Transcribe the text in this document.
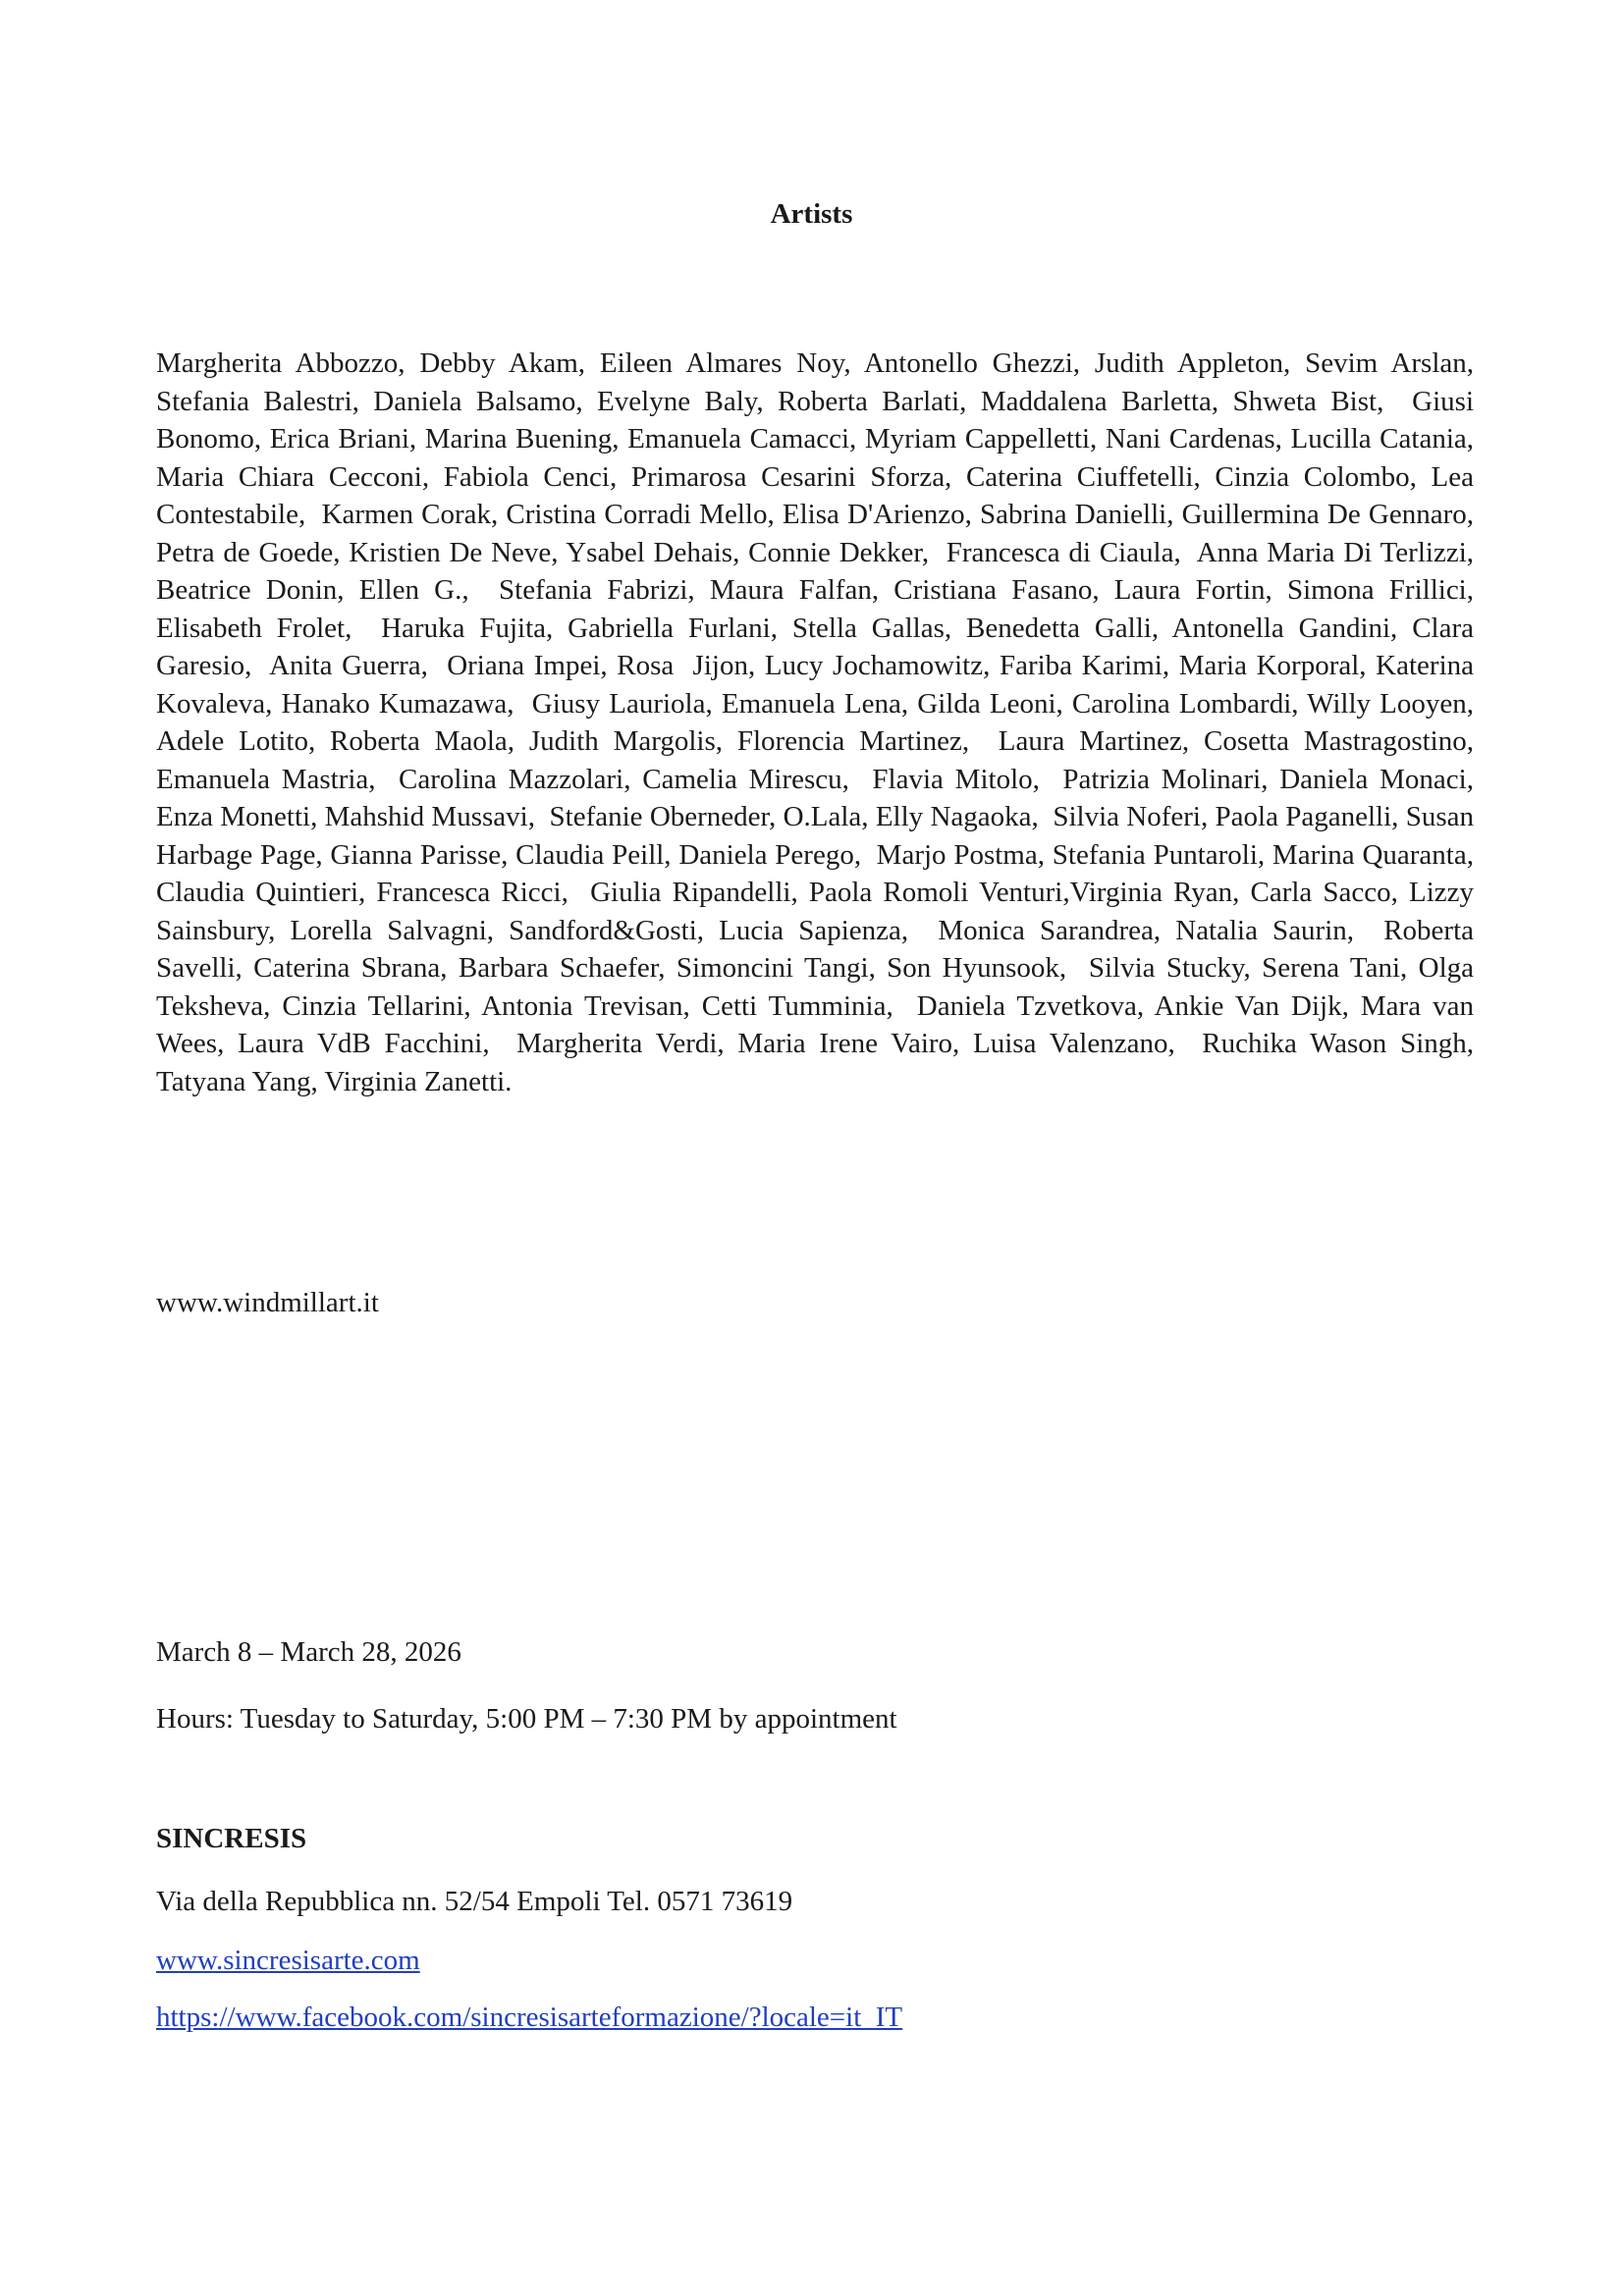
Artists

Margherita Abbozzo, Debby Akam, Eileen Almares Noy, Antonello Ghezzi, Judith Appleton, Sevim Arslan, Stefania Balestri, Daniela Balsamo, Evelyne Baly, Roberta Barlati, Maddalena Barletta, Shweta Bist,  Giusi Bonomo, Erica Briani, Marina Buening, Emanuela Camacci, Myriam Cappelletti, Nani Cardenas, Lucilla Catania, Maria Chiara Cecconi, Fabiola Cenci, Primarosa Cesarini Sforza, Caterina Ciuffetelli, Cinzia Colombo, Lea Contestabile,  Karmen Corak, Cristina Corradi Mello, Elisa D'Arienzo, Sabrina Danielli, Guillermina De Gennaro, Petra de Goede, Kristien De Neve, Ysabel Dehais, Connie Dekker,  Francesca di Ciaula,  Anna Maria Di Terlizzi, Beatrice Donin, Ellen G.,  Stefania Fabrizi, Maura Falfan, Cristiana Fasano, Laura Fortin, Simona Frillici, Elisabeth Frolet,  Haruka Fujita, Gabriella Furlani, Stella Gallas, Benedetta Galli, Antonella Gandini, Clara Garesio,  Anita Guerra,  Oriana Impei, Rosa  Jijon, Lucy Jochamowitz, Fariba Karimi, Maria Korporal, Katerina Kovaleva, Hanako Kumazawa,  Giusy Lauriola, Emanuela Lena, Gilda Leoni, Carolina Lombardi, Willy Looyen, Adele Lotito, Roberta Maola, Judith Margolis, Florencia Martinez,  Laura Martinez, Cosetta Mastragostino, Emanuela Mastria,  Carolina Mazzolari, Camelia Mirescu,  Flavia Mitolo,  Patrizia Molinari, Daniela Monaci, Enza Monetti, Mahshid Mussavi,  Stefanie Oberneder, O.Lala, Elly Nagaoka,  Silvia Noferi, Paola Paganelli, Susan Harbage Page, Gianna Parisse, Claudia Peill, Daniela Perego,  Marjo Postma, Stefania Puntaroli, Marina Quaranta, Claudia Quintieri, Francesca Ricci,  Giulia Ripandelli, Paola Romoli Venturi,Virginia Ryan, Carla Sacco, Lizzy Sainsbury, Lorella Salvagni, Sandford&Gosti, Lucia Sapienza,  Monica Sarandrea, Natalia Saurin,  Roberta Savelli, Caterina Sbrana, Barbara Schaefer, Simoncini Tangi, Son Hyunsook,  Silvia Stucky, Serena Tani, Olga Teksheva, Cinzia Tellarini, Antonia Trevisan, Cetti Tumminia,  Daniela Tzvetkova, Ankie Van Dijk, Mara van Wees, Laura VdB Facchini,  Margherita Verdi, Maria Irene Vairo, Luisa Valenzano,  Ruchika Wason Singh, Tatyana Yang, Virginia Zanetti.

www.windmillart.it
March 8 – March 28, 2026
Hours: Tuesday to Saturday, 5:00 PM – 7:30 PM by appointment
SINCRESIS
Via della Repubblica nn. 52/54 Empoli Tel. 0571 73619
www.sincresisarte.com
https://www.facebook.com/sincresisarteformazione/?locale=it_IT
